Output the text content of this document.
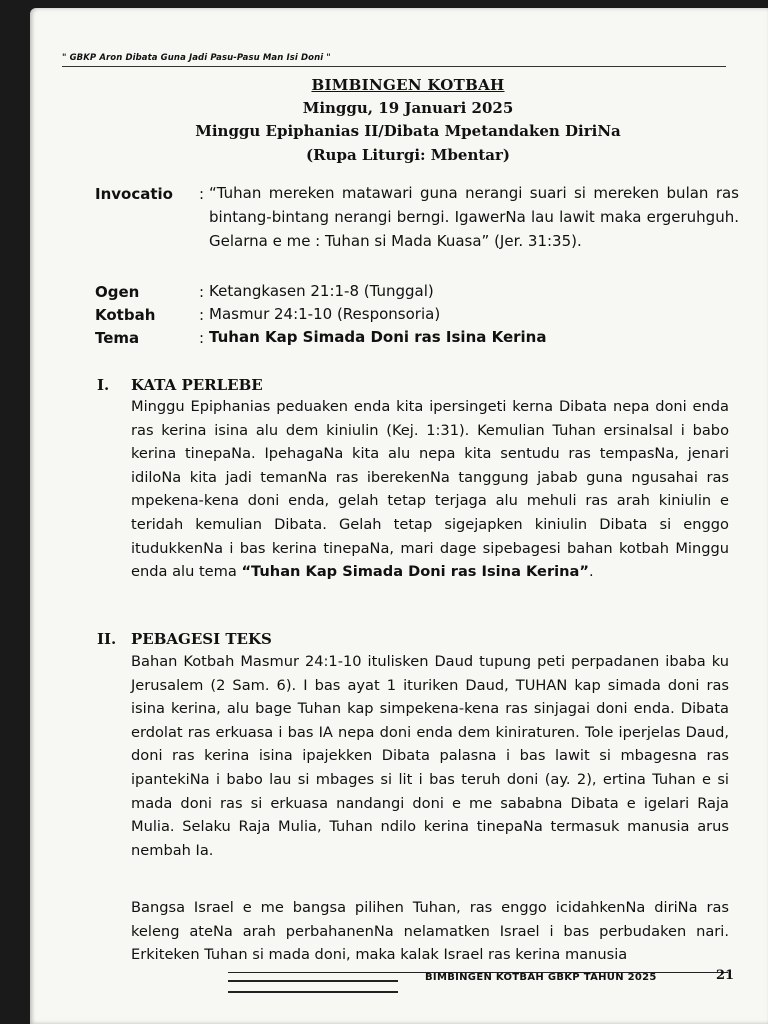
" GBKP Aron Dibata Guna Jadi Pasu-Pasu Man Isi Doni "
BIMBINGEN KOTBAH
Minggu, 19 Januari 2025
Minggu Epiphanias II/Dibata Mpetandaken DiriNa
(Rupa Liturgi: Mbentar)
Invocatio : “Tuhan mereken matawari guna nerangi suari si mereken bulan ras bintang-bintang nerangi berngi. IgawerNa lau lawit maka ergeruhguh. Gelarna e me : Tuhan si Mada Kuasa” (Jer. 31:35).
Ogen	: Ketangkasen 21:1-8 (Tunggal)
Kotbah	: Masmur 24:1-10 (Responsoria)
Tema	: Tuhan Kap Simada Doni ras Isina Kerina
I. KATA PERLEBE
Minggu Epiphanias peduaken enda kita ipersingeti kerna Dibata nepa doni enda ras kerina isina alu dem kiniulin (Kej. 1:31). Kemulian Tuhan ersinalsal i babo kerina tinepaNa. IpehagaNa kita alu nepa kita sentudu ras tempasNa, jenari idiloNa kita jadi temanNa ras iberekenNa tanggung jabab guna ngusahai ras mpekena-kena doni enda, gelah tetap terjaga alu mehuli ras arah kiniulin e teridah kemulian Dibata. Gelah tetap sigejapken kiniulin Dibata si enggo itudukkenNa i bas kerina tinepaNa, mari dage sipebagesi bahan kotbah Minggu enda alu tema “Tuhan Kap Simada Doni ras Isina Kerina”.
II. PEBAGESI TEKS
Bahan Kotbah Masmur 24:1-10 itulisken Daud tupung peti perpadanen ibaba ku Jerusalem (2 Sam. 6). I bas ayat 1 ituriken Daud, TUHAN kap simada doni ras isina kerina, alu bage Tuhan kap simpekena-kena ras sinjagai doni enda. Dibata erdolat ras erkuasa i bas IA nepa doni enda dem kiniraturen. Tole iperjelas Daud, doni ras kerina isina ipajekken Dibata palasna i bas lawit si mbagesna ras ipantekiNa i babo lau si mbages si lit i bas teruh doni (ay. 2), ertina Tuhan e si mada doni ras si erkuasa nandangi doni e me sababna Dibata e igelari Raja Mulia. Selaku Raja Mulia, Tuhan ndilo kerina tinepaNa termasuk manusia arus nembah Ia.
Bangsa Israel e me bangsa pilihen Tuhan, ras enggo icidahkenNa diriNa ras keleng ateNa arah perbahanenNa nelamatken Israel i bas perbudaken nari. Erkiteken Tuhan si mada doni, maka kalak Israel ras kerina manusia
BIMBINGEN KOTBAH GBKP TAHUN 2025	21
